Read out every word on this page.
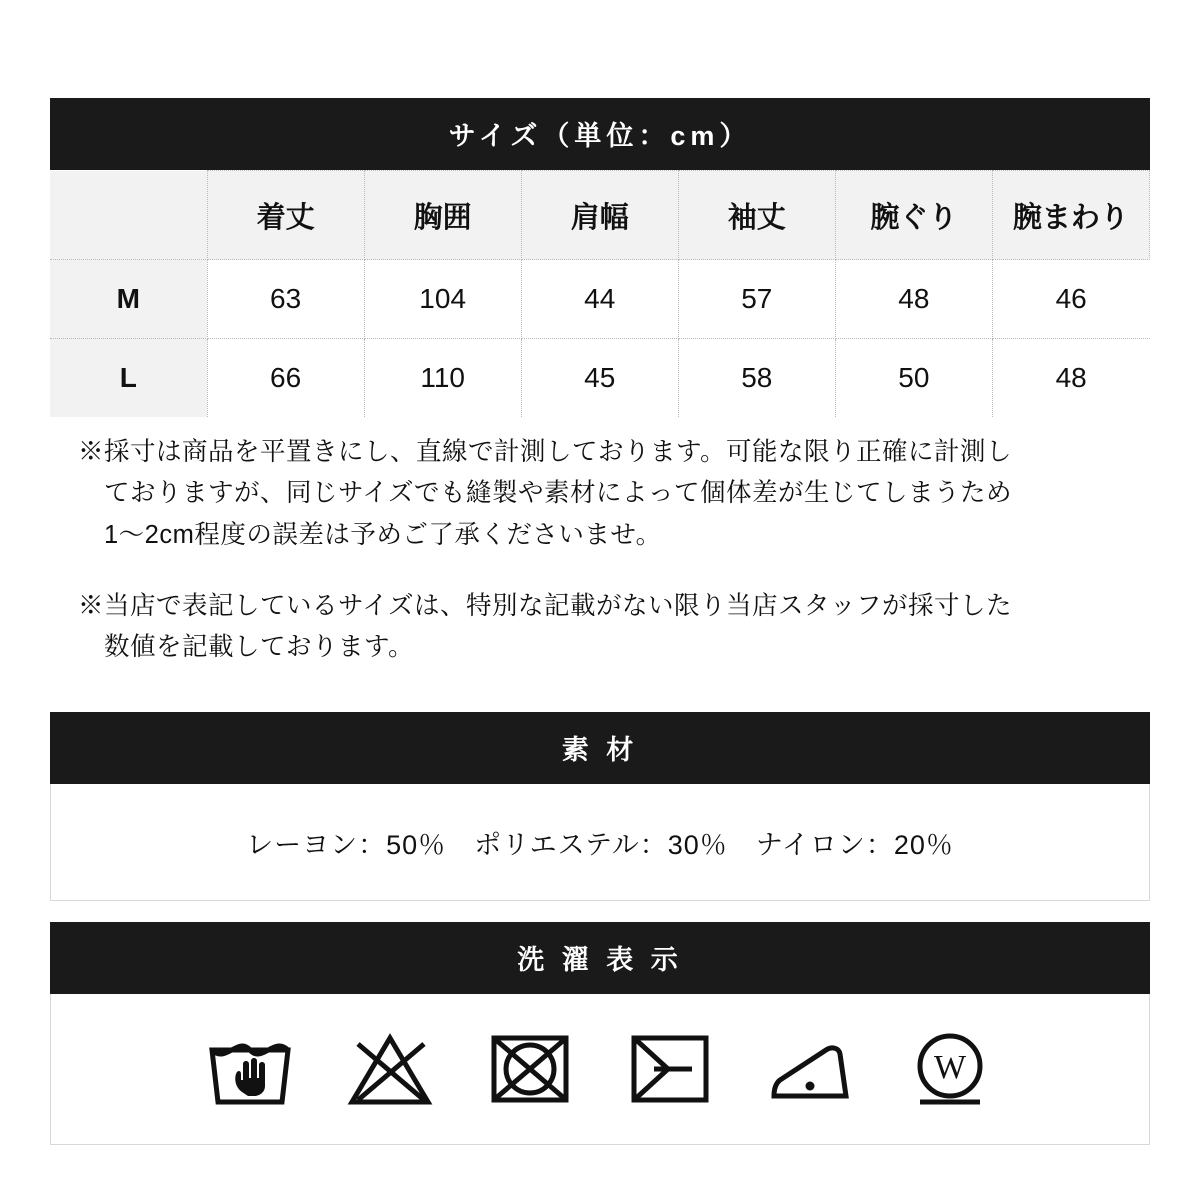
サイズ（単位：cm）
	着丈	胸囲	肩幅	袖丈	腕ぐり	腕まわり
M	63	104	44	57	48	46
L	66	110	45	58	50	48
※採寸は商品を平置きにし、直線で計測しております。可能な限り正確に計測し
ておりますが、同じサイズでも縫製や素材によって個体差が生じてしまうため
1〜2cm程度の誤差は予めご了承くださいませ。
※当店で表記しているサイズは、特別な記載がない限り当店スタッフが採寸した
数値を記載しております。
素 材
レーヨン：50％　ポリエステル：30％　ナイロン：20％
洗 濯 表 示
W
